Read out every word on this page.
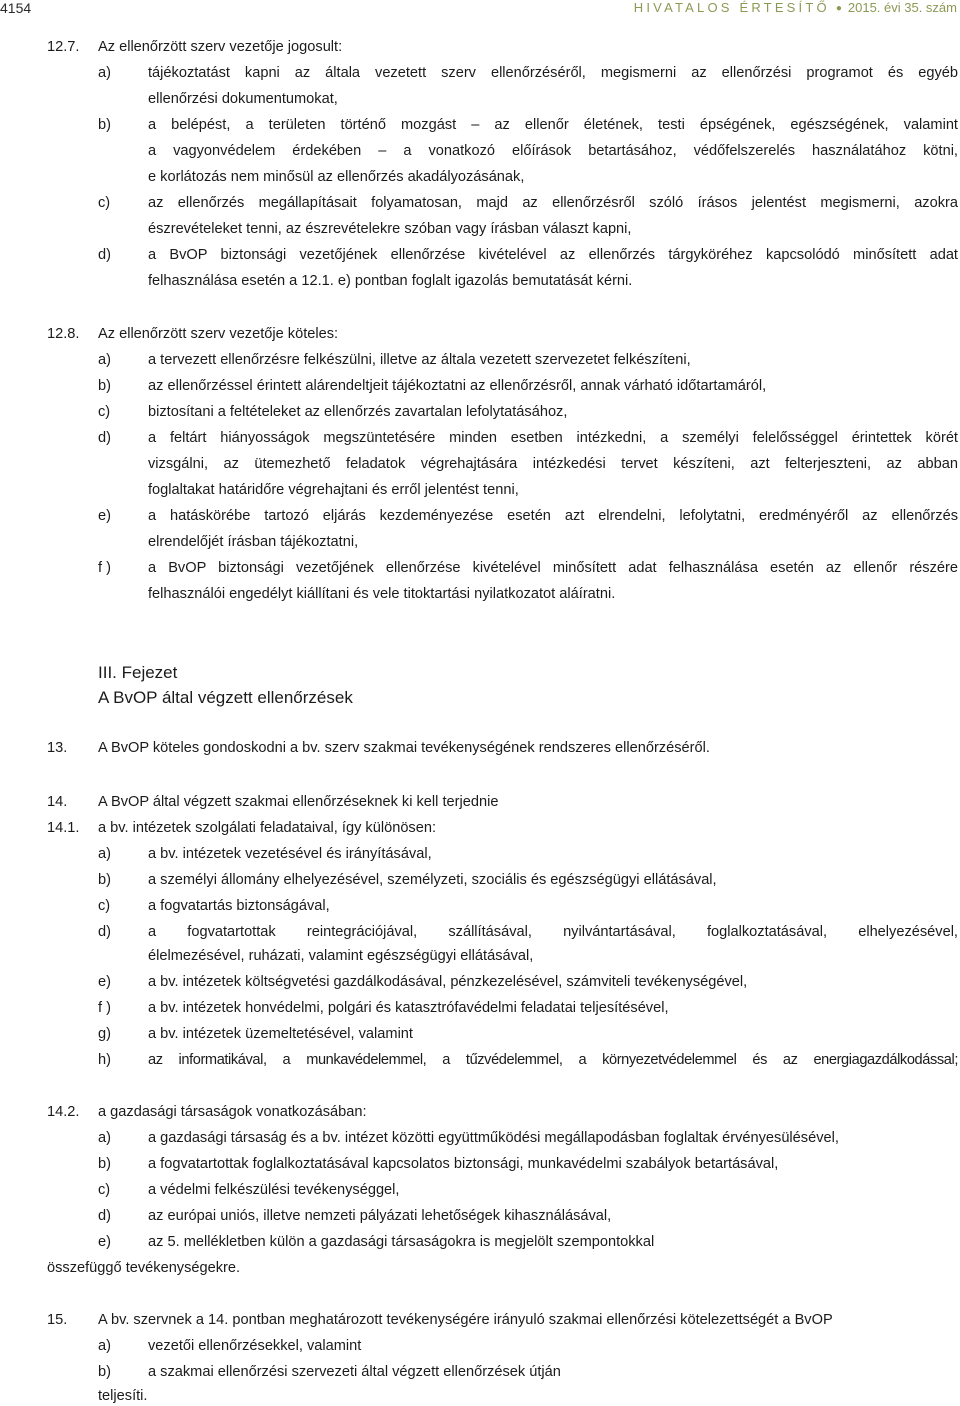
4154	HIVATALOS ÉRTESÍTŐ ● 2015. évi 35. szám
12.7. Az ellenőrzött szerv vezetője jogosult:
a)	tájékoztatást kapni az általa vezetett szerv ellenőrzéséről, megismerni az ellenőrzési programot és egyéb
ellenőrzési dokumentumokat,
b)	a belépést, a területen történő mozgást – az ellenőr életének, testi épségének, egészségének, valamint
a vagyonvédelem érdekében – a vonatkozó előírások betartásához, védőfelszerelés használatához kötni,
e korlátozás nem minősül az ellenőrzés akadályozásának,
c)	az ellenőrzés megállapításait folyamatosan, majd az ellenőrzésről szóló írásos jelentést megismerni, azokra
észrevételeket tenni, az észrevételekre szóban vagy írásban választ kapni,
d)	a BvOP biztonsági vezetőjének ellenőrzése kivételével az ellenőrzés tárgyköréhez kapcsolódó minősített adat
felhasználása esetén a 12.1. e) pontban foglalt igazolás bemutatását kérni.
12.8. Az ellenőrzött szerv vezetője köteles:
a)	a tervezett ellenőrzésre felkészülni, illetve az általa vezetett szervezetet felkészíteni,
b)	az ellenőrzéssel érintett alárendeltjeit tájékoztatni az ellenőrzésről, annak várható időtartamáról,
c)	biztosítani a feltételeket az ellenőrzés zavartalan lefolytatásához,
d)	a feltárt hiányosságok megszüntetésére minden esetben intézkedni, a személyi felelősséggel érintettek körét
vizsgálni, az ütemezhető feladatok végrehajtására intézkedési tervet készíteni, azt felterjeszteni, az abban
foglaltakat határidőre végrehajtani és erről jelentést tenni,
e)	a hatáskörébe tartozó eljárás kezdeményezése esetén azt elrendelni, lefolytatni, eredményéről az ellenőrzés
elrendelőjét írásban tájékoztatni,
f )	a BvOP biztonsági vezetőjének ellenőrzése kivételével minősített adat felhasználása esetén az ellenőr részére
felhasználói engedélyt kiállítani és vele titoktartási nyilatkozatot aláíratni.
III. Fejezet
A BvOP által végzett ellenőrzések
13. A BvOP köteles gondoskodni a bv. szerv szakmai tevékenységének rendszeres ellenőrzéséről.
14. A BvOP által végzett szakmai ellenőrzéseknek ki kell terjednie
14.1. a bv. intézetek szolgálati feladataival, így különösen:
a)	a bv. intézetek vezetésével és irányításával,
b)	a személyi állomány elhelyezésével, személyzeti, szociális és egészségügyi ellátásával,
c)	a fogvatartás biztonságával,
d)	a fogvatartottak reintegrációjával, szállításával, nyilvántartásával, foglalkoztatásával, elhelyezésével,
élelmezésével, ruházati, valamint egészségügyi ellátásával,
e)	a bv. intézetek költségvetési gazdálkodásával, pénzkezelésével, számviteli tevékenységével,
f )	a bv. intézetek honvédelmi, polgári és katasztrófavédelmi feladatai teljesítésével,
g)	a bv. intézetek üzemeltetésével, valamint
h)	az informatikával, a munkavédelemmel, a tűzvédelemmel, a környezetvédelemmel és az energiagazdálkodással;
14.2. a gazdasági társaságok vonatkozásában:
a)	a gazdasági társaság és a bv. intézet közötti együttműködési megállapodásban foglaltak érvényesülésével,
b)	a fogvatartottak foglalkoztatásával kapcsolatos biztonsági, munkavédelmi szabályok betartásával,
c)	a védelmi felkészülési tevékenységgel,
d)	az európai uniós, illetve nemzeti pályázati lehetőségek kihasználásával,
e)	az 5. mellékletben külön a gazdasági társaságokra is megjelölt szempontokkal
összefüggő tevékenységekre.
15. A bv. szervnek a 14. pontban meghatározott tevékenységére irányuló szakmai ellenőrzési kötelezettségét a BvOP
a)	vezetői ellenőrzésekkel, valamint
b)	a szakmai ellenőrzési szervezeti által végzett ellenőrzések útján
teljesíti.
